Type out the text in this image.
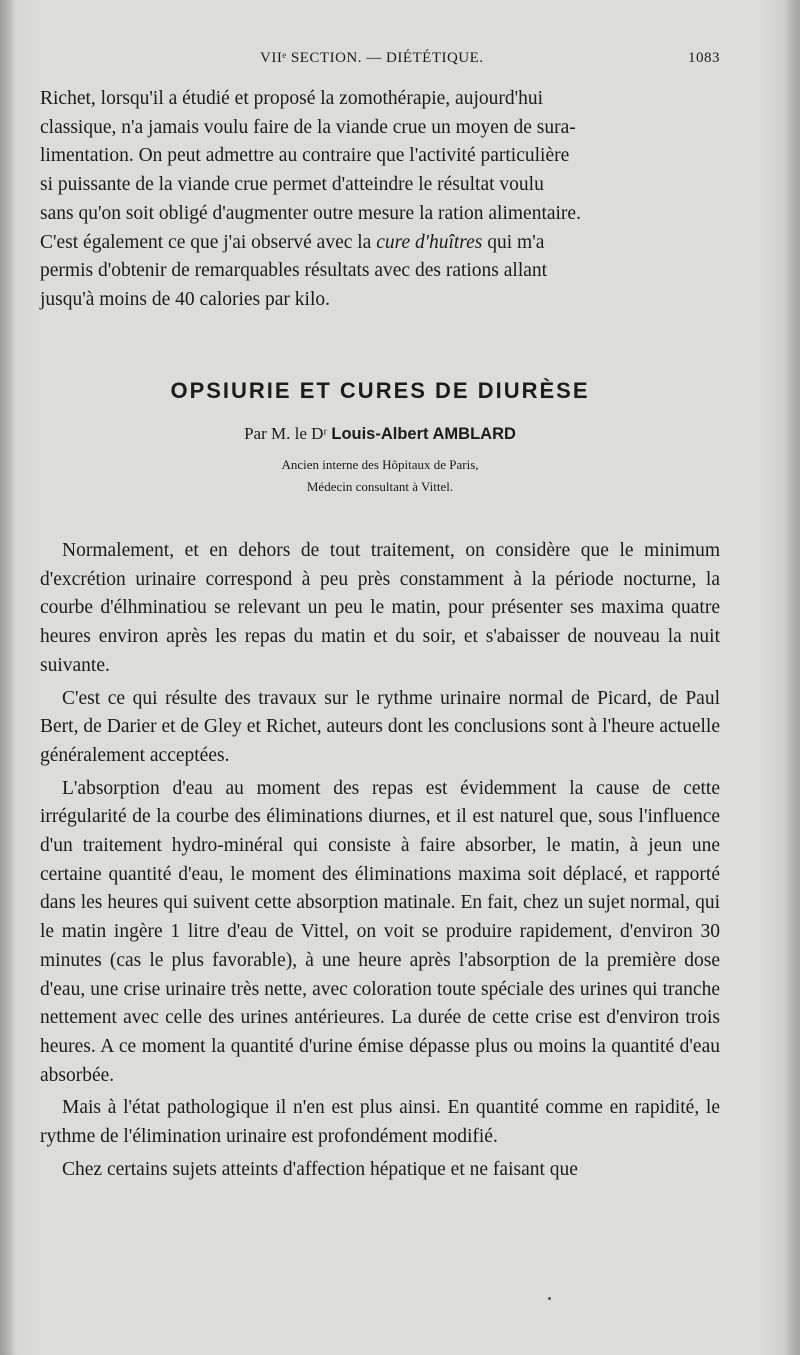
VIIᵉ SECTION. — DIÉTÉTIQUE.	1083

Richet, lorsqu'il a étudié et proposé la zomothérapie, aujourd'hui

classique, n'a jamais voulu faire de la viande crue un moyen de sura-

limentation. On peut admettre au contraire que l'activité particulière

si puissante de la viande crue permet d'atteindre le résultat voulu

sans qu'on soit obligé d'augmenter outre mesure la ration alimentaire.

C'est également ce que j'ai observé avec la cure d'huîtres qui m'a

permis d'obtenir de remarquables résultats avec des rations allant

jusqu'à moins de 40 calories par kilo.

OPSIURIE ET CURES DE DIURÈSE
Par M. le Dʳ Louis-Albert AMBLARD
Ancien interne des Hôpitaux de Paris,
Médecin consultant à Vittel.

Normalement, et en dehors de tout traitement, on considère que le minimum d'excrétion urinaire correspond à peu près constamment à la période nocturne, la courbe d'élhminatiou se relevant un peu le matin, pour présenter ses maxima quatre heures environ après les repas du matin et du soir, et s'abaisser de nouveau la nuit suivante.

C'est ce qui résulte des travaux sur le rythme urinaire normal de Picard, de Paul Bert, de Darier et de Gley et Richet, auteurs dont les conclusions sont à l'heure actuelle généralement acceptées.

L'absorption d'eau au moment des repas est évidemment la cause de cette irrégularité de la courbe des éliminations diurnes, et il est naturel que, sous l'influence d'un traitement hydro-minéral qui consiste à faire absorber, le matin, à jeun une certaine quantité d'eau, le moment des éliminations maxima soit déplacé, et rapporté dans les heures qui suivent cette absorption matinale. En fait, chez un sujet normal, qui le matin ingère 1 litre d'eau de Vittel, on voit se produire rapidement, d'environ 30 minutes (cas le plus favorable), à une heure après l'absorption de la première dose d'eau, une crise urinaire très nette, avec coloration toute spéciale des urines qui tranche nettement avec celle des urines antérieures. La durée de cette crise est d'environ trois heures. A ce moment la quantité d'urine émise dépasse plus ou moins la quantité d'eau absorbée.

Mais à l'état pathologique il n'en est plus ainsi. En quantité comme en rapidité, le rythme de l'élimination urinaire est profondément modifié.

Chez certains sujets atteints d'affection hépatique et ne faisant que
